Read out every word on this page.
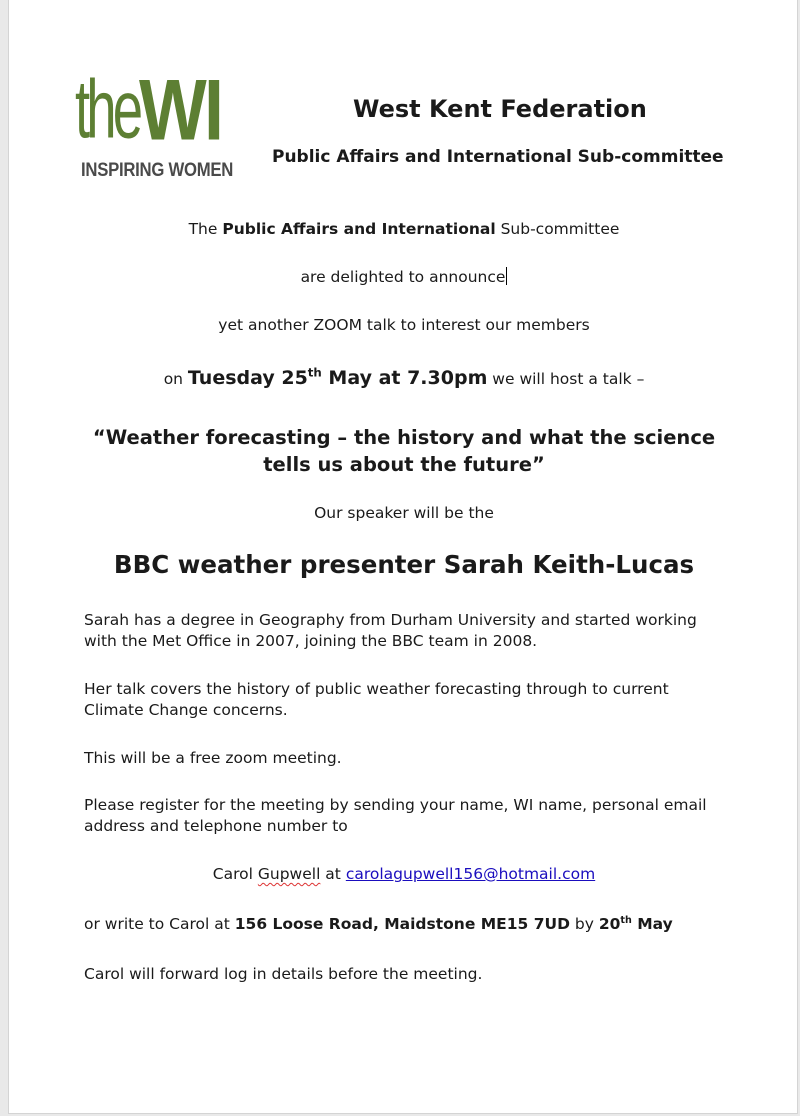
the WI
INSPIRING WOMEN
West Kent Federation
Public Affairs and International Sub-committee
The Public Affairs and International Sub-committee
are delighted to announce
yet another ZOOM talk to interest our members
on Tuesday 25th May at 7.30pm we will host a talk –
“Weather forecasting – the history and what the science tells us about the future”
Our speaker will be the
BBC weather presenter Sarah Keith-Lucas
Sarah has a degree in Geography from Durham University and started working with the Met Office in 2007, joining the BBC team in 2008.
Her talk covers the history of public weather forecasting through to current Climate Change concerns.
This will be a free zoom meeting.
Please register for the meeting by sending your name, WI name, personal email address and telephone number to
Carol Gupwell at carolagupwell156@hotmail.com
or write to Carol at 156 Loose Road, Maidstone ME15 7UD by 20th May
Carol will forward log in details before the meeting.
